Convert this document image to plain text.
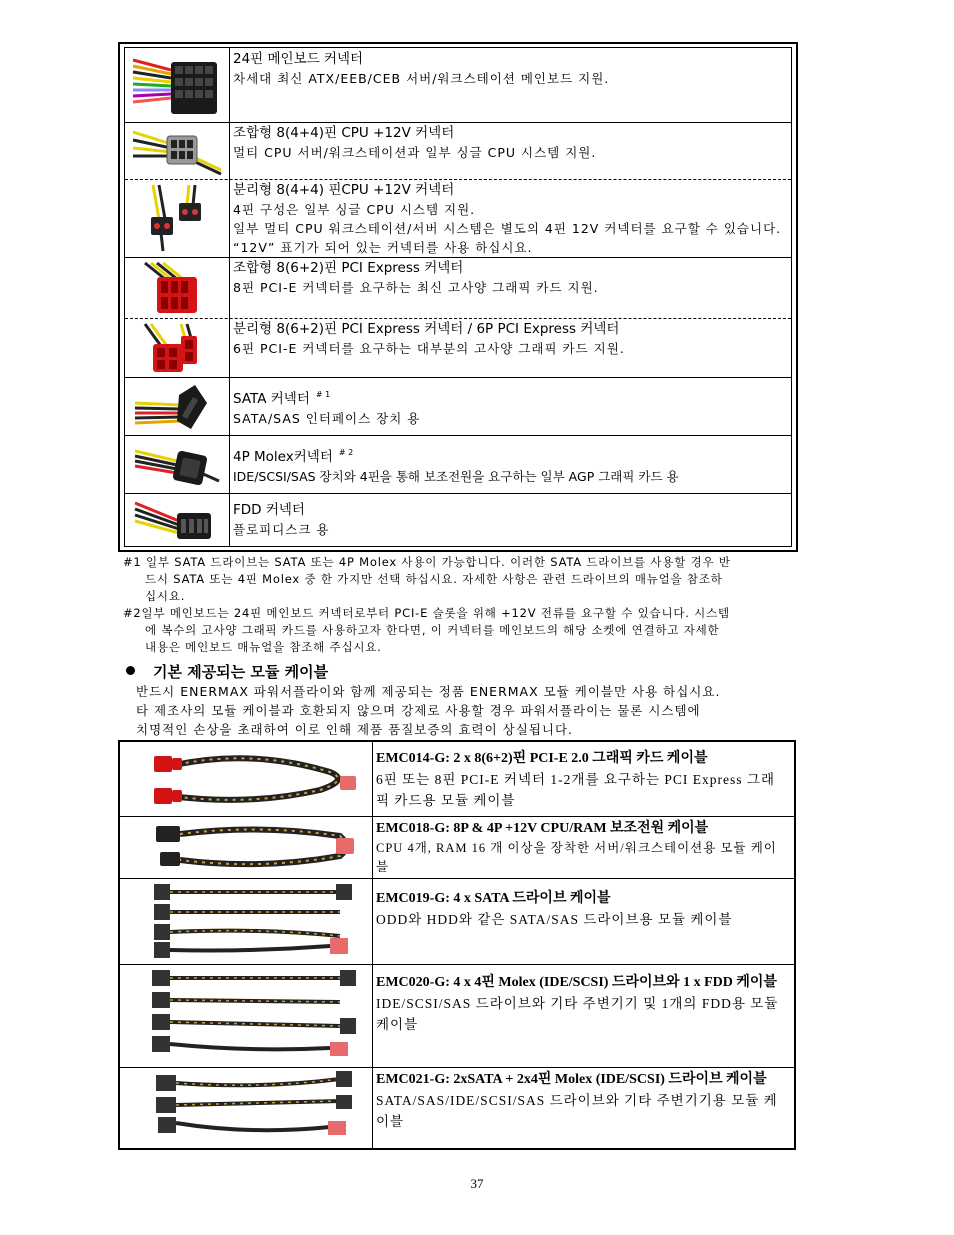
24핀 메인보드 커넥터
차세대 최신 ATX/EEB/CEB 서버/워크스테이션 메인보드 지원.
조합형 8(4+4)핀 CPU +12V 커넥터
멀티 CPU 서버/워크스테이션과 일부 싱글 CPU 시스템 지원.
분리형 8(4+4) 핀CPU +12V 커넥터
4핀 구성은 일부 싱글 CPU 시스템 지원.
일부 멀티 CPU 워크스테이션/서버 시스템은 별도의 4핀 12V 커넥터를 요구할 수 있습니다. “12V” 표기가 되어 있는 커넥터를 사용 하십시요.
조합형 8(6+2)핀 PCI Express 커넥터
8핀 PCI-E 커넥터를 요구하는 최신 고사양 그래픽 카드 지원.
분리형 8(6+2)핀 PCI Express 커넥터 / 6P PCI Express 커넥터
6핀 PCI-E 커넥터를 요구하는 대부분의 고사양 그래픽 카드 지원.
SATA 커넥터 $^{\# 1}$
SATA/SAS 인터페이스 장치 용
4P Molex커넥터 $^{\# 2}$
IDE/SCSI/SAS 장치와 4핀을 통해 보조전원을 요구하는 일부 AGP 그래픽 카드 용
FDD 커넥터
플로피디스크 용
#1 일부 SATA 드라이브는 SATA 또는 4P Molex 사용이 가능합니다. 이러한 SATA 드라이브를 사용할 경우 반
드시 SATA 또는 4핀 Molex 중 한 가지만 선택 하십시요. 자세한 사항은 관련 드라이브의 매뉴얼을 참조하
십시요.
#2일부 메인보드는 24핀 메인보드 커넥터로부터 PCI-E 슬롯을 위해 +12V 전류를 요구할 수 있습니다. 시스템
에 복수의 고사양 그래픽 카드를 사용하고자 한다면, 이 커넥터를 메인보드의 해당 소켓에 연결하고 자세한
내용은 메인보드 매뉴얼을 참조해 주십시요.
기본 제공되는 모듈 케이블
반드시 ENERMAX 파워서플라이와 함께 제공되는 정품 ENERMAX 모듈 케이블만 사용 하십시요.
타 제조사의 모듈 케이블과 호환되지 않으며 강제로 사용할 경우 파워서플라이는 물론 시스템에
치명적인 손상을 초래하여 이로 인해 제품 품질보증의 효력이 상실됩니다.
EMC014-G: 2 x 8(6+2)핀 PCI-E 2.0 그래픽 카드 케이블
6핀 또는 8핀 PCI-E 커넥터 1-2개를 요구하는 PCI Express 그래픽 카드용 모듈 케이블
EMC018-G: 8P & 4P +12V CPU/RAM 보조전원 케이블
CPU 4개, RAM 16 개 이상을 장착한 서버/워크스테이션용 모듈 케이블
EMC019-G: 4 x SATA 드라이브 케이블
ODD와 HDD와 같은 SATA/SAS 드라이브용 모듈 케이블
EMC020-G: 4 x 4핀 Molex (IDE/SCSI) 드라이브와 1 x FDD 케이블
IDE/SCSI/SAS 드라이브와 기타 주변기기 및 1개의 FDD용 모듈 케이블
EMC021-G: 2xSATA + 2x4핀 Molex (IDE/SCSI) 드라이브 케이블
SATA/SAS/IDE/SCSI/SAS 드라이브와 기타 주변기기용 모듈 케이블
37
